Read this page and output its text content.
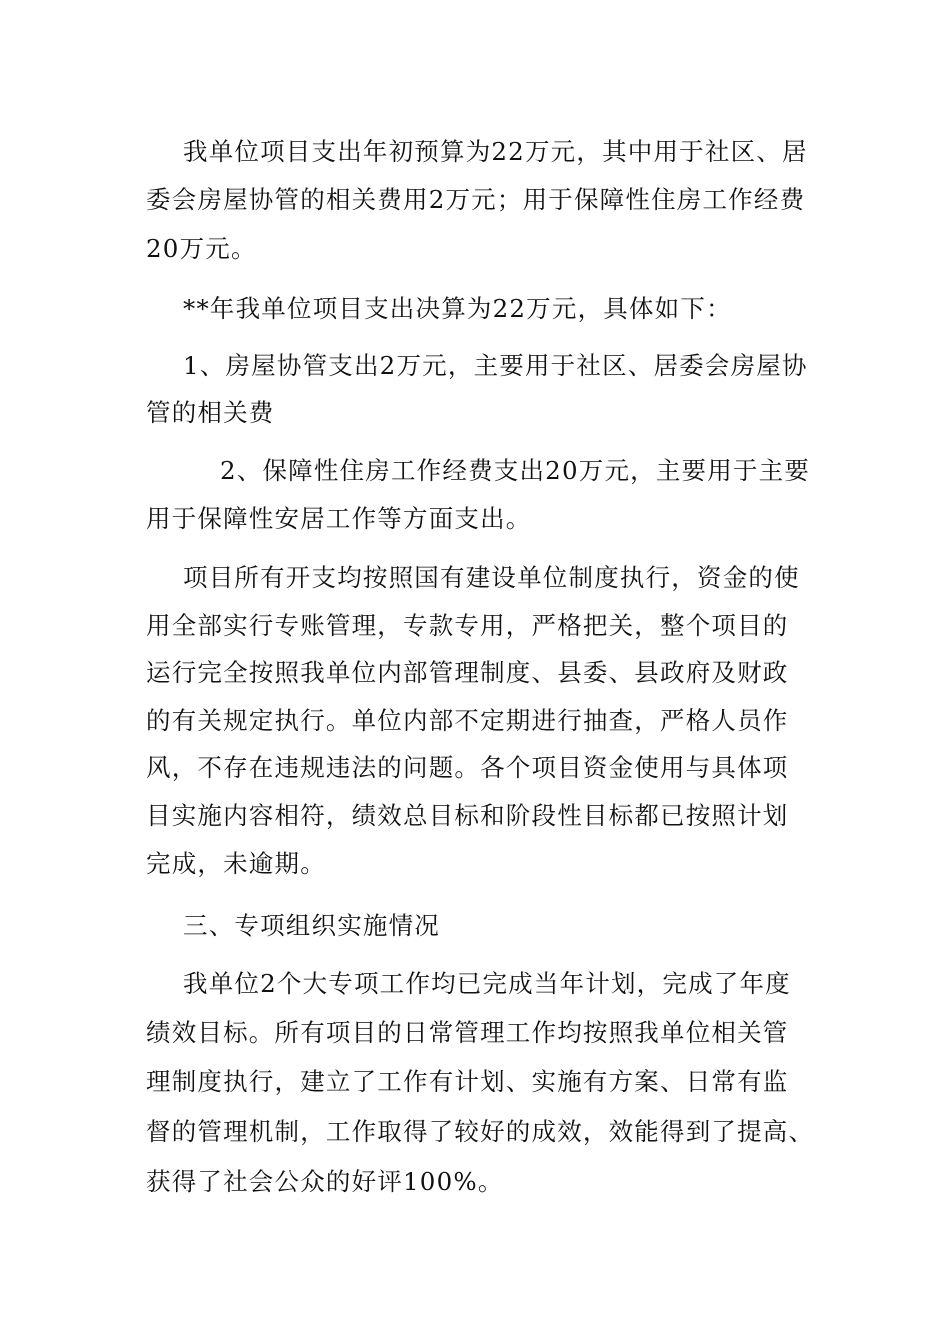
我单位项目支出年初预算为22万元，其中用于社区、居
委会房屋协管的相关费用2万元；用于保障性住房工作经费
20万元。
**年我单位项目支出决算为22万元，具体如下：
1、房屋协管支出2万元，主要用于社区、居委会房屋协
管的相关费
2、保障性住房工作经费支出20万元，主要用于主要
用于保障性安居工作等方面支出。
项目所有开支均按照国有建设单位制度执行，资金的使
用全部实行专账管理，专款专用，严格把关，整个项目的
运行完全按照我单位内部管理制度、县委、县政府及财政
的有关规定执行。单位内部不定期进行抽查，严格人员作
风，不存在违规违法的问题。各个项目资金使用与具体项
目实施内容相符，绩效总目标和阶段性目标都已按照计划
完成，未逾期。
三、专项组织实施情况
我单位2个大专项工作均已完成当年计划，完成了年度
绩效目标。所有项目的日常管理工作均按照我单位相关管
理制度执行，建立了工作有计划、实施有方案、日常有监
督的管理机制，工作取得了较好的成效，效能得到了提高、
获得了社会公众的好评100%。
